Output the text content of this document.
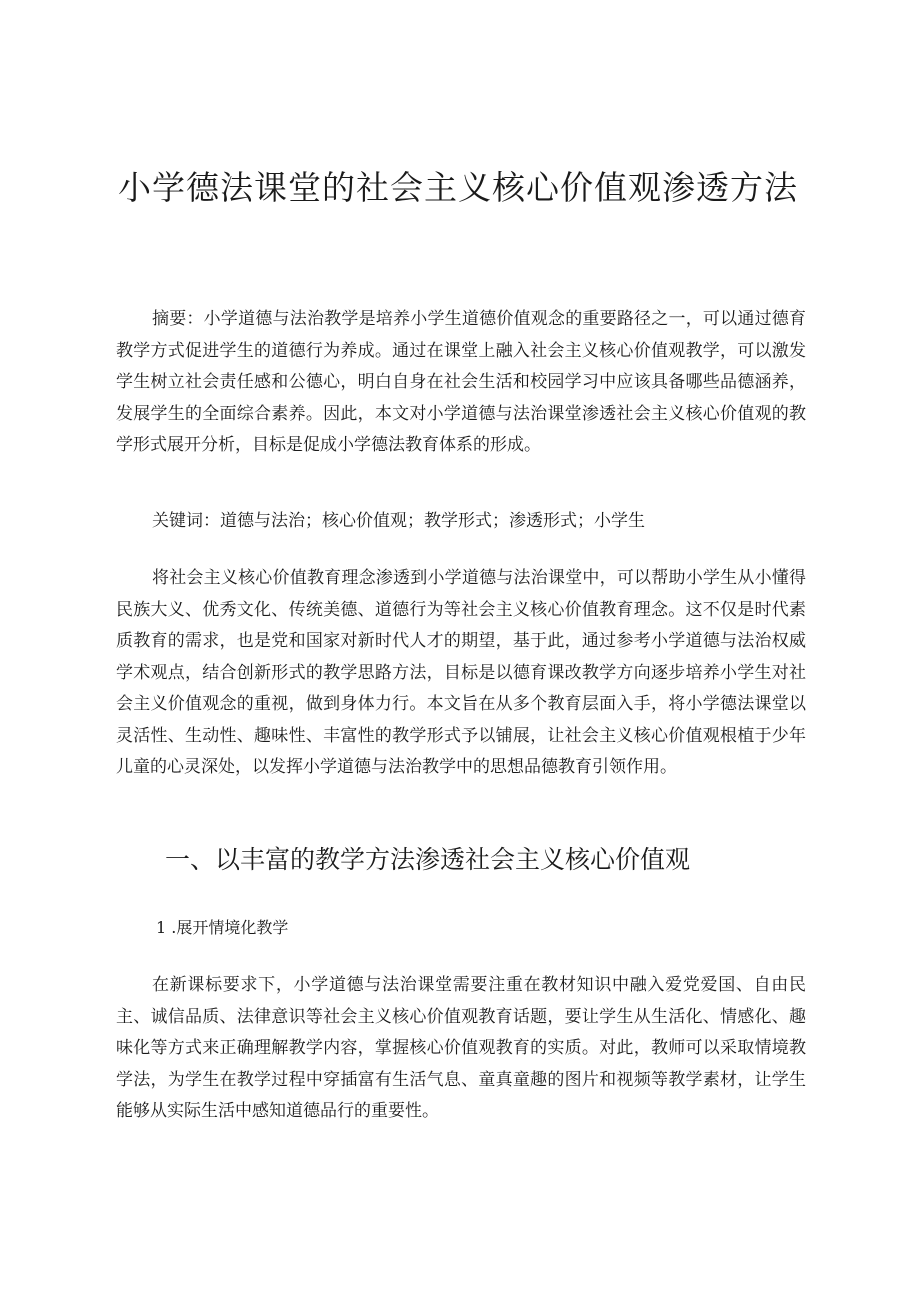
小学德法课堂的社会主义核心价值观渗透方法

摘要：小学道德与法治教学是培养小学生道德价值观念的重要路径之一，可以通过德育教学方式促进学生的道德行为养成。通过在课堂上融入社会主义核心价值观教学，可以激发学生树立社会责任感和公德心，明白自身在社会生活和校园学习中应该具备哪些品德涵养，发展学生的全面综合素养。因此，本文对小学道德与法治课堂渗透社会主义核心价值观的教学形式展开分析，目标是促成小学德法教育体系的形成。

关键词：道德与法治；核心价值观；教学形式；渗透形式；小学生

将社会主义核心价值教育理念渗透到小学道德与法治课堂中，可以帮助小学生从小懂得民族大义、优秀文化、传统美德、道德行为等社会主义核心价值教育理念。这不仅是时代素质教育的需求，也是党和国家对新时代人才的期望，基于此，通过参考小学道德与法治权威学术观点，结合创新形式的教学思路方法，目标是以德育课改教学方向逐步培养小学生对社会主义价值观念的重视，做到身体力行。本文旨在从多个教育层面入手，将小学德法课堂以灵活性、生动性、趣味性、丰富性的教学形式予以铺展，让社会主义核心价值观根植于少年儿童的心灵深处，以发挥小学道德与法治教学中的思想品德教育引领作用。

一、以丰富的教学方法渗透社会主义核心价值观
1 .展开情境化教学

在新课标要求下，小学道德与法治课堂需要注重在教材知识中融入爱党爱国、自由民主、诚信品质、法律意识等社会主义核心价值观教育话题，要让学生从生活化、情感化、趣味化等方式来正确理解教学内容，掌握核心价值观教育的实质。对此，教师可以采取情境教学法，为学生在教学过程中穿插富有生活气息、童真童趣的图片和视频等教学素材，让学生能够从实际生活中感知道德品行的重要性。
